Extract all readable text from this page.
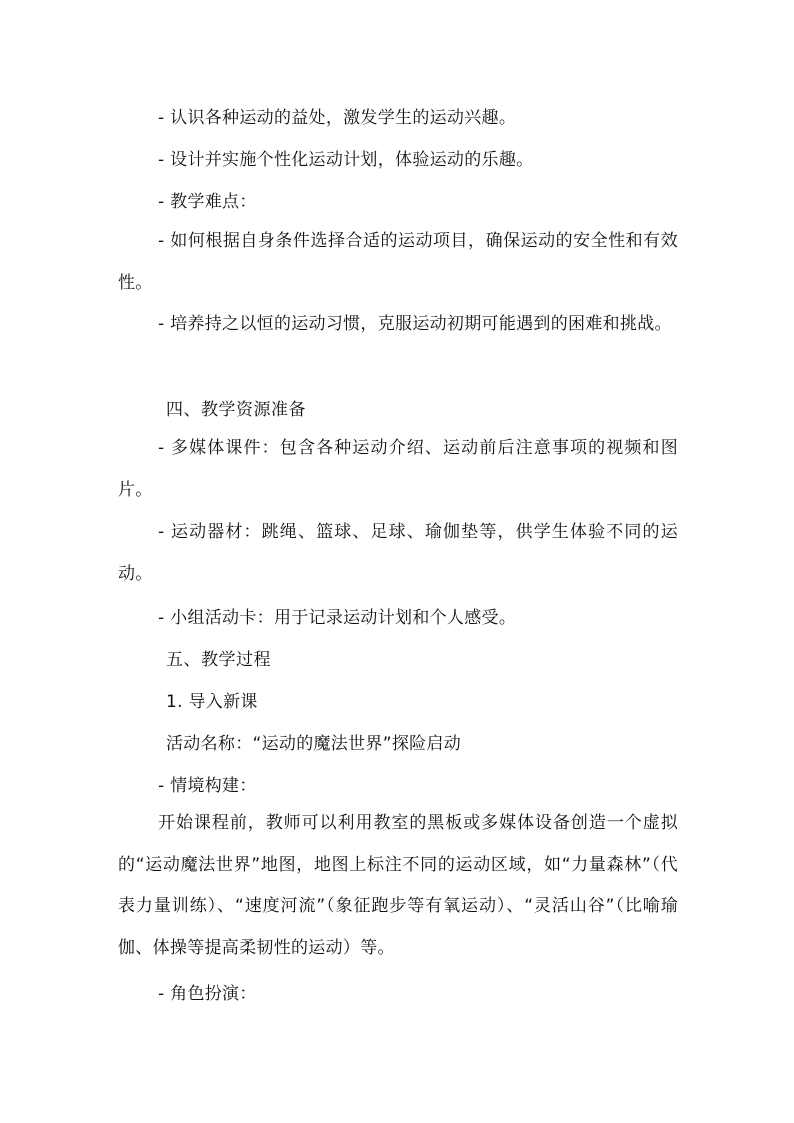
- 认识各种运动的益处，激发学生的运动兴趣。
- 设计并实施个性化运动计划，体验运动的乐趣。
- 教学难点：
- 如何根据自身条件选择合适的运动项目，确保运动的安全性和有效性。
- 培养持之以恒的运动习惯，克服运动初期可能遇到的困难和挑战。
四、教学资源准备
- 多媒体课件：包含各种运动介绍、运动前后注意事项的视频和图片。
- 运动器材：跳绳、篮球、足球、瑜伽垫等，供学生体验不同的运动。
- 小组活动卡：用于记录运动计划和个人感受。
五、教学过程
1. 导入新课
活动名称：“运动的魔法世界”探险启动
- 情境构建：
开始课程前，教师可以利用教室的黑板或多媒体设备创造一个虚拟的“运动魔法世界”地图，地图上标注不同的运动区域，如“力量森林”（代表力量训练）、“速度河流”（象征跑步等有氧运动）、“灵活山谷”（比喻瑜伽、体操等提高柔韧性的运动）等。
- 角色扮演：
